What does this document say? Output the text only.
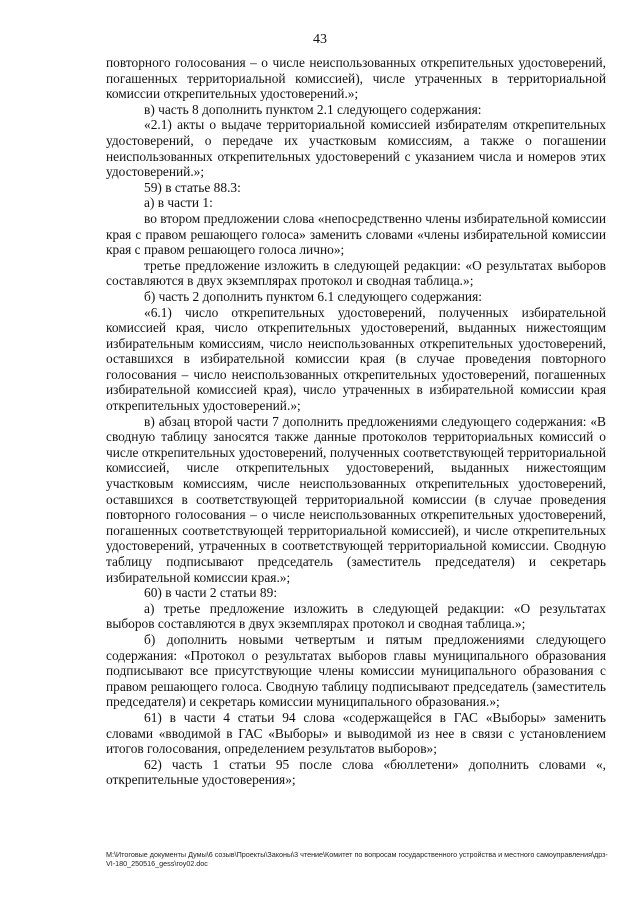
43

повторного голосования – о числе неиспользованных открепительных удостоверений, погашенных территориальной комиссией), числе утраченных в территориальной комиссии открепительных удостоверений.»;

в) часть 8 дополнить пунктом 2.1 следующего содержания:

«2.1) акты о выдаче территориальной комиссией избирателям открепительных удостоверений, о передаче их участковым комиссиям, а также о погашении неиспользованных открепительных удостоверений с указанием числа и номеров этих удостоверений.»;

59) в статье 88.3:

а) в части 1:

во втором предложении слова «непосредственно члены избирательной комиссии края с правом решающего голоса» заменить словами «члены избирательной комиссии края с правом решающего голоса лично»;

третье предложение изложить в следующей редакции: «О результатах выборов составляются в двух экземплярах протокол и сводная таблица.»;

б) часть 2 дополнить пунктом 6.1 следующего содержания:

«6.1) число открепительных удостоверений, полученных избирательной комиссией края, число открепительных удостоверений, выданных нижестоящим избирательным комиссиям, число неиспользованных открепительных удостоверений, оставшихся в избирательной комиссии края (в случае проведения повторного голосования – число неиспользованных открепительных удостоверений, погашенных избирательной комиссией края), число утраченных в избирательной комиссии края открепительных удостоверений.»;

в) абзац второй части 7 дополнить предложениями следующего содержания: «В сводную таблицу заносятся также данные протоколов территориальных комиссий о числе открепительных удостоверений, полученных соответствующей территориальной комиссией, числе открепительных удостоверений, выданных нижестоящим участковым комиссиям, числе неиспользованных открепительных удостоверений, оставшихся в соответствующей территориальной комиссии (в случае проведения повторного голосования – о числе неиспользованных открепительных удостоверений, погашенных соответствующей территориальной комиссией), и числе открепительных удостоверений, утраченных в соответствующей территориальной комиссии. Сводную таблицу подписывают председатель (заместитель председателя) и секретарь избирательной комиссии края.»;

60) в части 2 статьи 89:

а) третье предложение изложить в следующей редакции: «О результатах выборов составляются в двух экземплярах протокол и сводная таблица.»;

б) дополнить новыми четвертым и пятым предложениями следующего содержания: «Протокол о результатах выборов главы муниципального образования подписывают все присутствующие члены комиссии муниципального образования с правом решающего голоса. Сводную таблицу подписывают председатель (заместитель председателя) и секретарь комиссии муниципального образования.»;

61) в части 4 статьи 94 слова «содержащейся в ГАС «Выборы» заменить словами «вводимой в ГАС «Выборы» и выводимой из нее в связи с установлением итогов голосования, определением результатов выборов»;

62) часть 1 статьи 95 после слова «бюллетени» дополнить словами «, открепительные удостоверения»;

M:\Итоговые документы Думы\6 созыв\Проекты\Законы\3 чтение\Комитет по вопросам государственного устройства и местного самоуправления\дрз-VI-180_250516_gess\roy02.doc
